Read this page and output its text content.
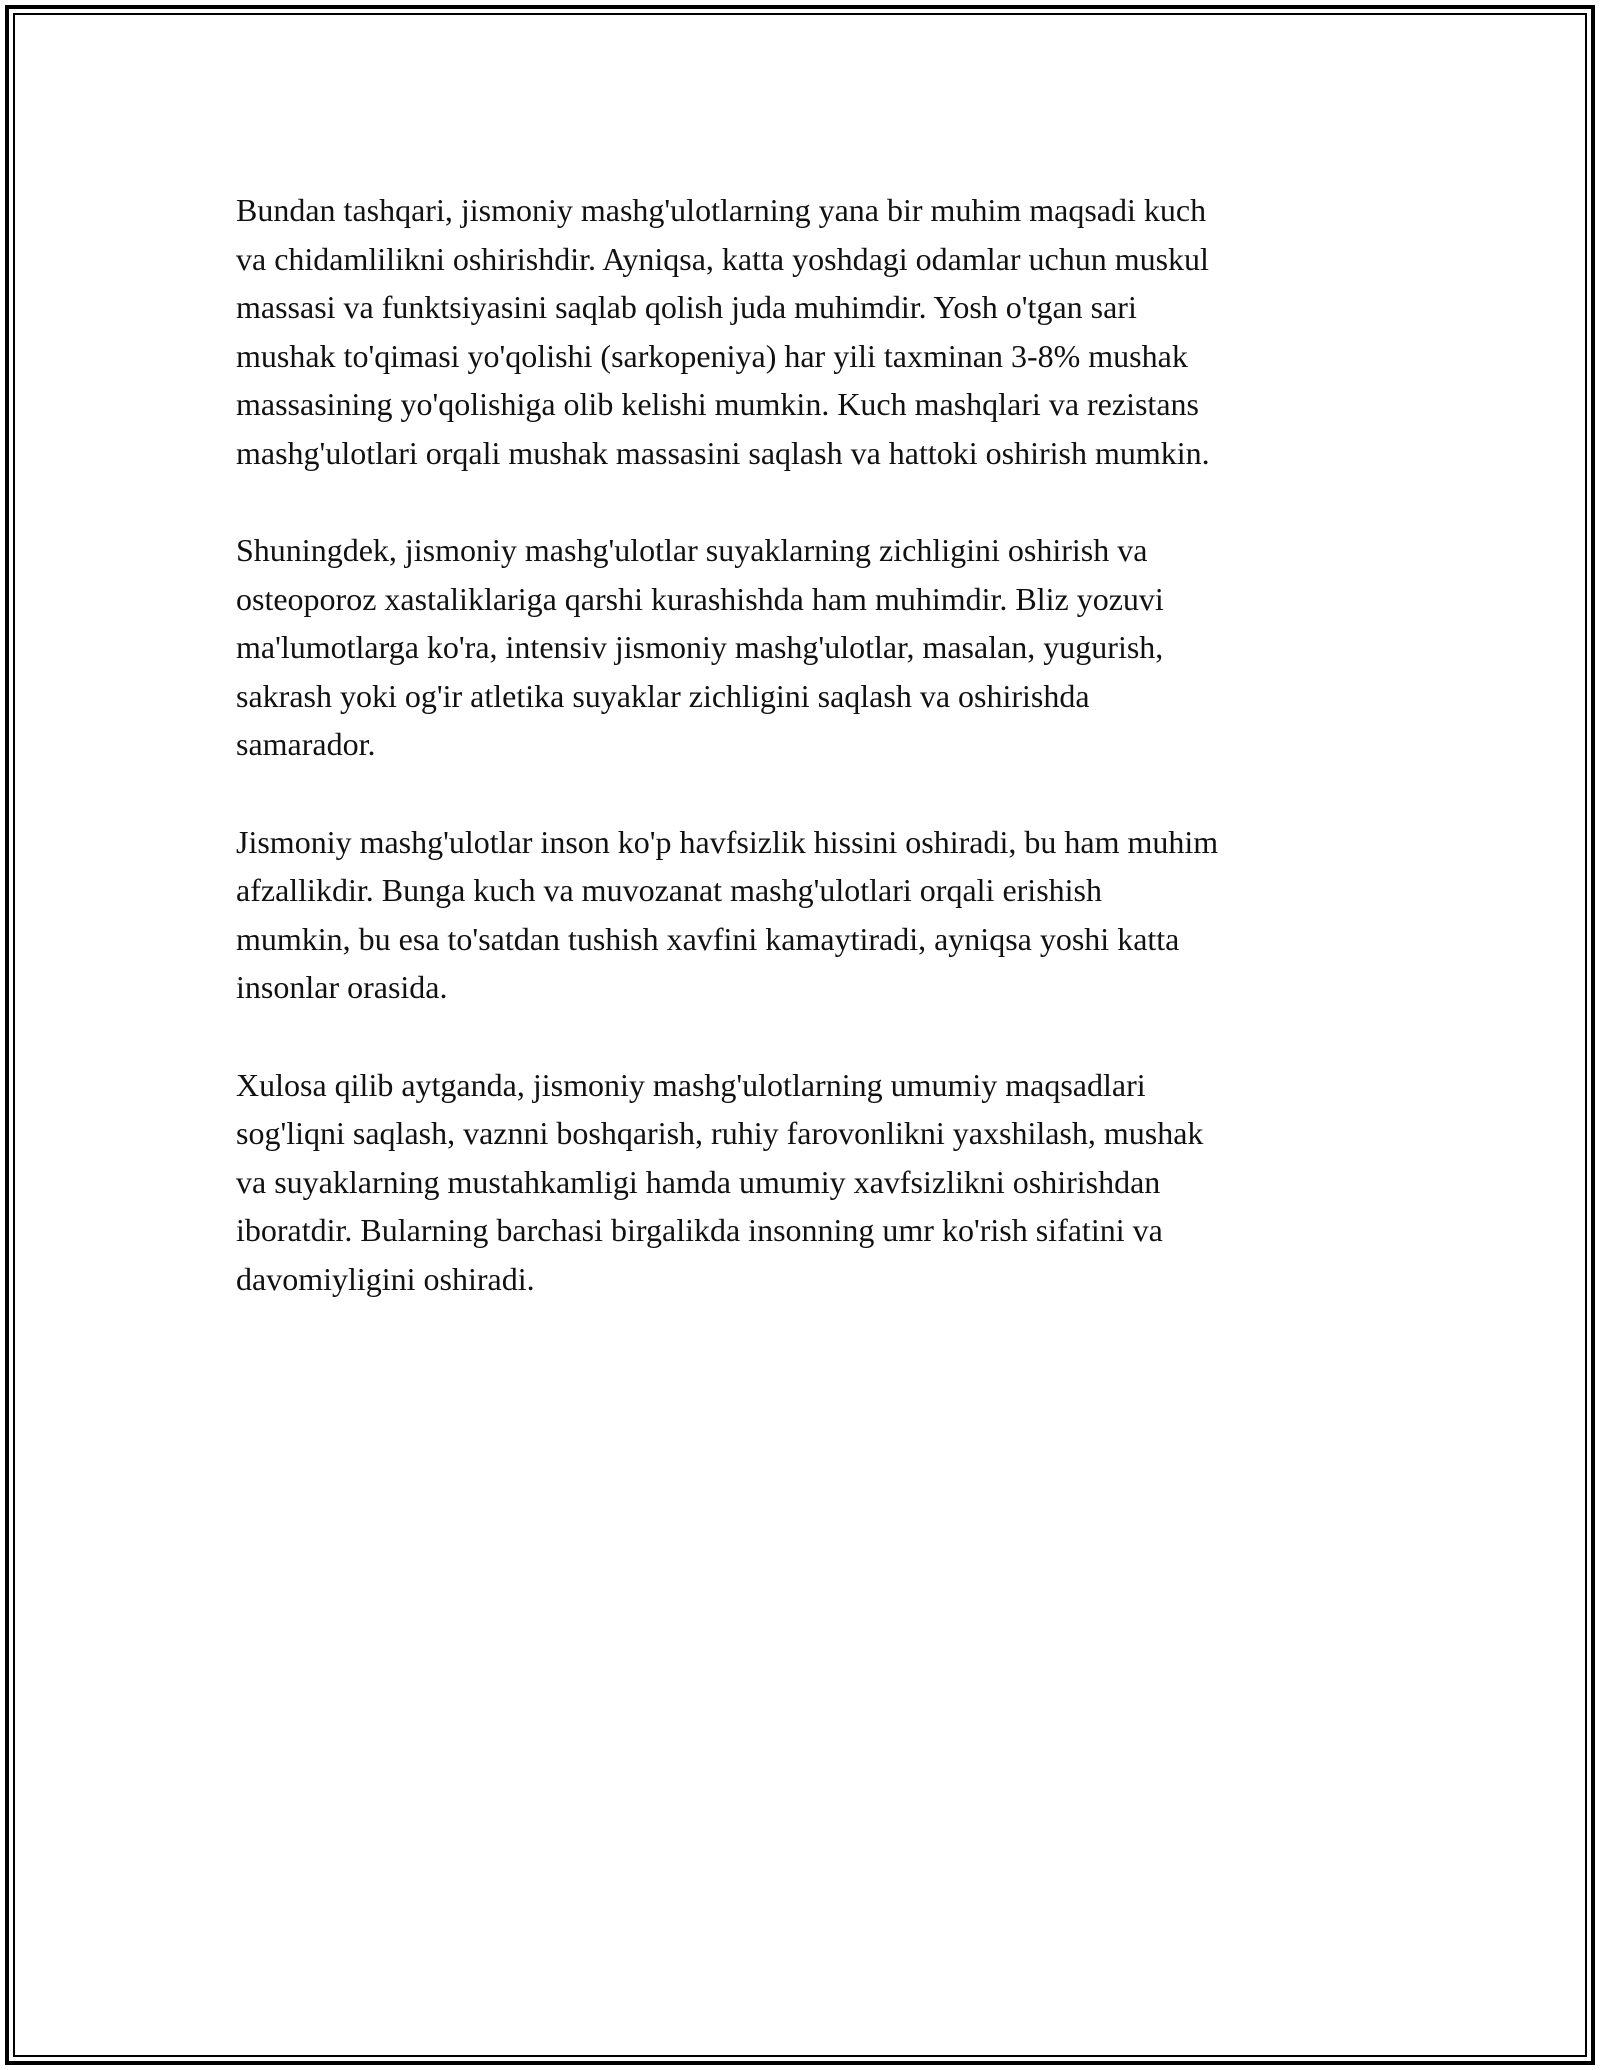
Bundan tashqari, jismoniy mashg'ulotlarning yana bir muhim maqsadi kuch
va chidamlilikni oshirishdir. Ayniqsa, katta yoshdagi odamlar uchun muskul
massasi va funktsiyasini saqlab qolish juda muhimdir. Yosh o'tgan sari
mushak to'qimasi yo'qolishi (sarkopeniya) har yili taxminan 3-8% mushak
massasining yo'qolishiga olib kelishi mumkin. Kuch mashqlari va rezistans
mashg'ulotlari orqali mushak massasini saqlash va hattoki oshirish mumkin.

Shuningdek, jismoniy mashg'ulotlar suyaklarning zichligini oshirish va
osteoporoz xastaliklariga qarshi kurashishda ham muhimdir. Bliz yozuvi
ma'lumotlarga ko'ra, intensiv jismoniy mashg'ulotlar, masalan, yugurish,
sakrash yoki og'ir atletika suyaklar zichligini saqlash va oshirishda
samarador.

Jismoniy mashg'ulotlar inson ko'p havfsizlik hissini oshiradi, bu ham muhim
afzallikdir. Bunga kuch va muvozanat mashg'ulotlari orqali erishish
mumkin, bu esa to'satdan tushish xavfini kamaytiradi, ayniqsa yoshi katta
insonlar orasida.

Xulosa qilib aytganda, jismoniy mashg'ulotlarning umumiy maqsadlari
sog'liqni saqlash, vaznni boshqarish, ruhiy farovonlikni yaxshilash, mushak
va suyaklarning mustahkamligi hamda umumiy xavfsizlikni oshirishdan
iboratdir. Bularning barchasi birgalikda insonning umr ko'rish sifatini va
davomiyligini oshiradi.
